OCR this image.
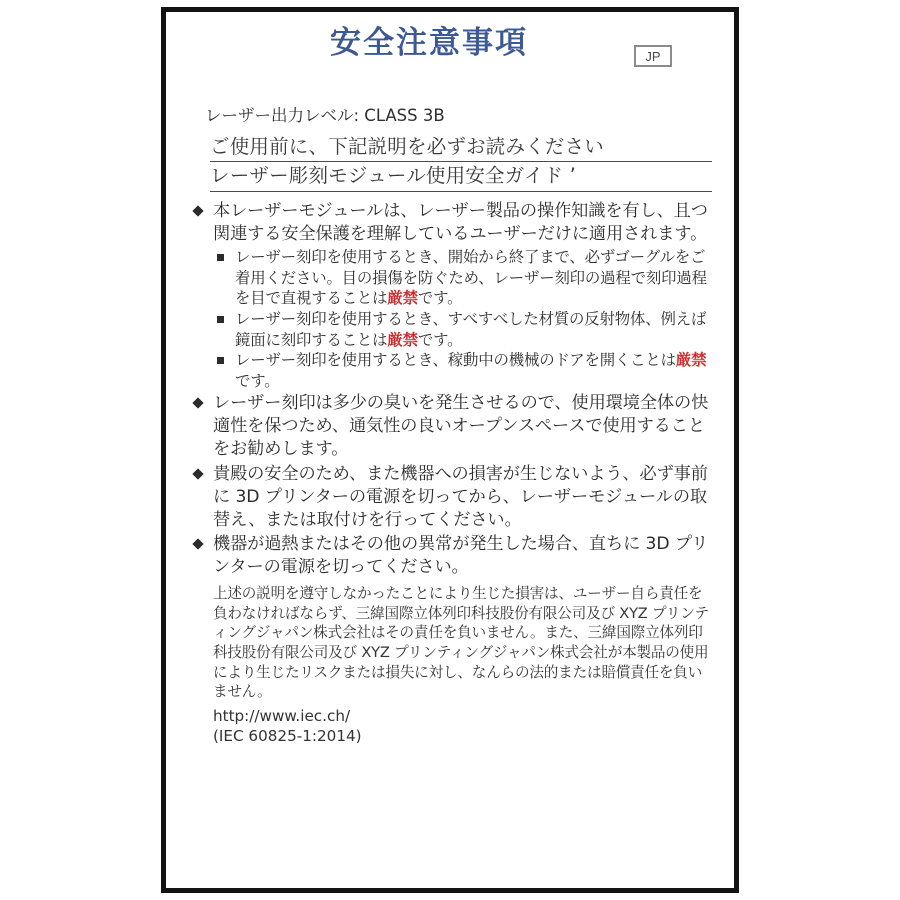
安全注意事項	JP
レーザー出力レベル: CLASS 3B
ご使用前に、下記説明を必ずお読みください
レーザー彫刻モジュール使用安全ガイド ’
本レーザーモジュールは、レーザー製品の操作知識を有し、且つ関連する安全保護を理解しているユーザーだけに適用されます。
レーザー刻印を使用するとき、開始から終了まで、必ずゴーグルをご着用ください。目の損傷を防ぐため、レーザー刻印の過程で刻印過程を目で直視することは厳禁です。
レーザー刻印を使用するとき、すべすべした材質の反射物体、例えば鏡面に刻印することは厳禁です。
レーザー刻印を使用するとき、稼動中の機械のドアを開くことは厳禁です。
レーザー刻印は多少の臭いを発生させるので、使用環境全体の快適性を保つため、通気性の良いオープンスペースで使用することをお勧めします。
貴殿の安全のため、また機器への損害が生じないよう、必ず事前に 3D プリンターの電源を切ってから、レーザーモジュールの取替え、または取付けを行ってください。
機器が過熱またはその他の異常が発生した場合、直ちに 3D プリンターの電源を切ってください。

上述の説明を遵守しなかったことにより生じた損害は、ユーザー自ら責任を負わなければならず、三緯国際立体列印科技股份有限公司及び XYZ プリンティングジャパン株式会社はその責任を負いません。また、三緯国際立体列印科技股份有限公司及び XYZ プリンティングジャパン株式会社が本製品の使用により生じたリスクまたは損失に対し、なんらの法的または賠償責任を負いません。

http://www.iec.ch/
(IEC 60825-1:2014)
